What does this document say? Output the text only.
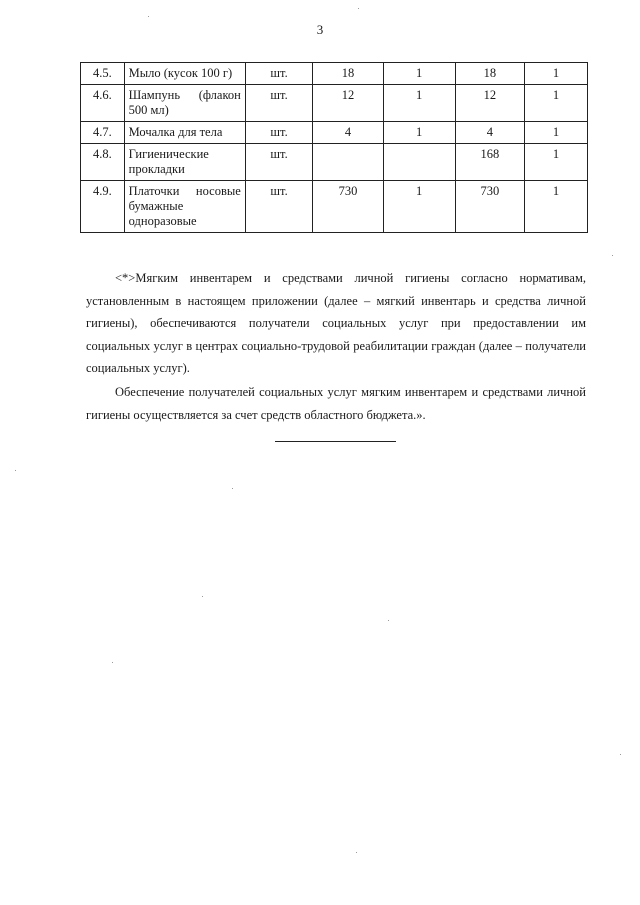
3
4.5.	Мыло (кусок 100 г)	шт.	18	1	18	1
4.6.	Шампунь (флакон 500 мл)	шт.	12	1	12	1
4.7.	Мочалка для тела	шт.	4	1	4	1
4.8.	Гигиенические прокладки	шт.			168	1
4.9.	Платочки носовые бумажные одноразовые	шт.	730	1	730	1

<*>Мягким инвентарем и средствами личной гигиены согласно нормативам, установленным в настоящем приложении (далее – мягкий инвентарь и средства личной гигиены), обеспечиваются получатели социальных услуг при предоставлении им социальных услуг в центрах социально-трудовой реабилитации граждан (далее – получатели социальных услуг).

Обеспечение получателей социальных услуг мягким инвентарем и средствами личной гигиены осуществляется за счет средств областного бюджета.».
